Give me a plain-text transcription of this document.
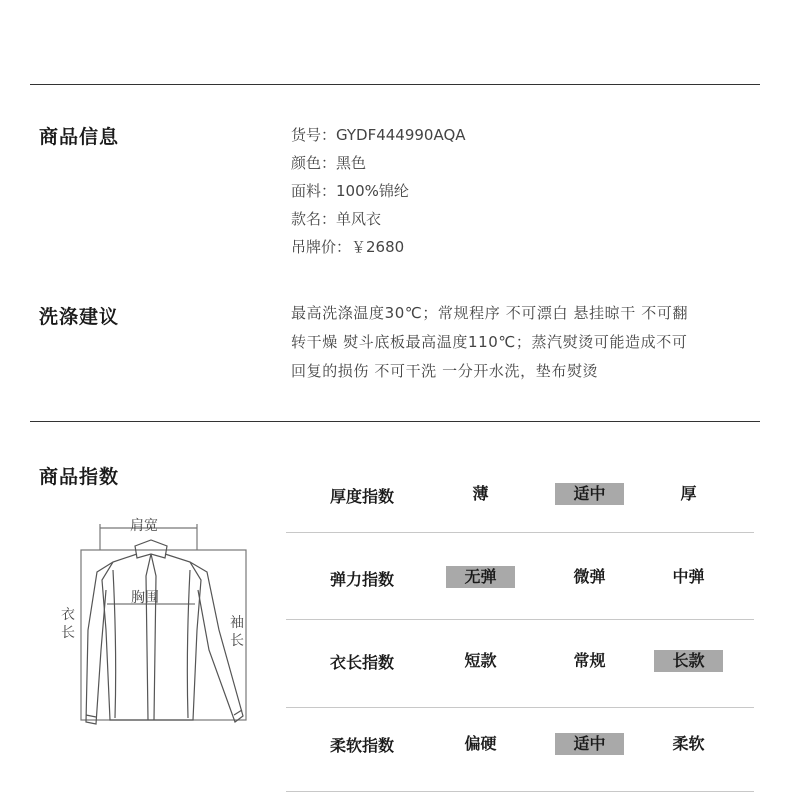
商品信息	货号：GYDF444990AQA
颜色：黑色
面料：100%锦纶
款名：单风衣
吊牌价：￥2680
洗涤建议	最高洗涤温度30℃；常规程序 不可漂白 悬挂晾干 不可翻
转干燥 熨斗底板最高温度110℃；蒸汽熨烫可能造成不可
回复的损伤 不可干洗 一分开水洗，垫布熨烫
商品指数
肩宽
胸围
衣长
袖长
厚度指数	薄	适中	厚
弹力指数	无弹	微弹	中弹
衣长指数	短款	常规	长款
柔软指数	偏硬	适中	柔软
